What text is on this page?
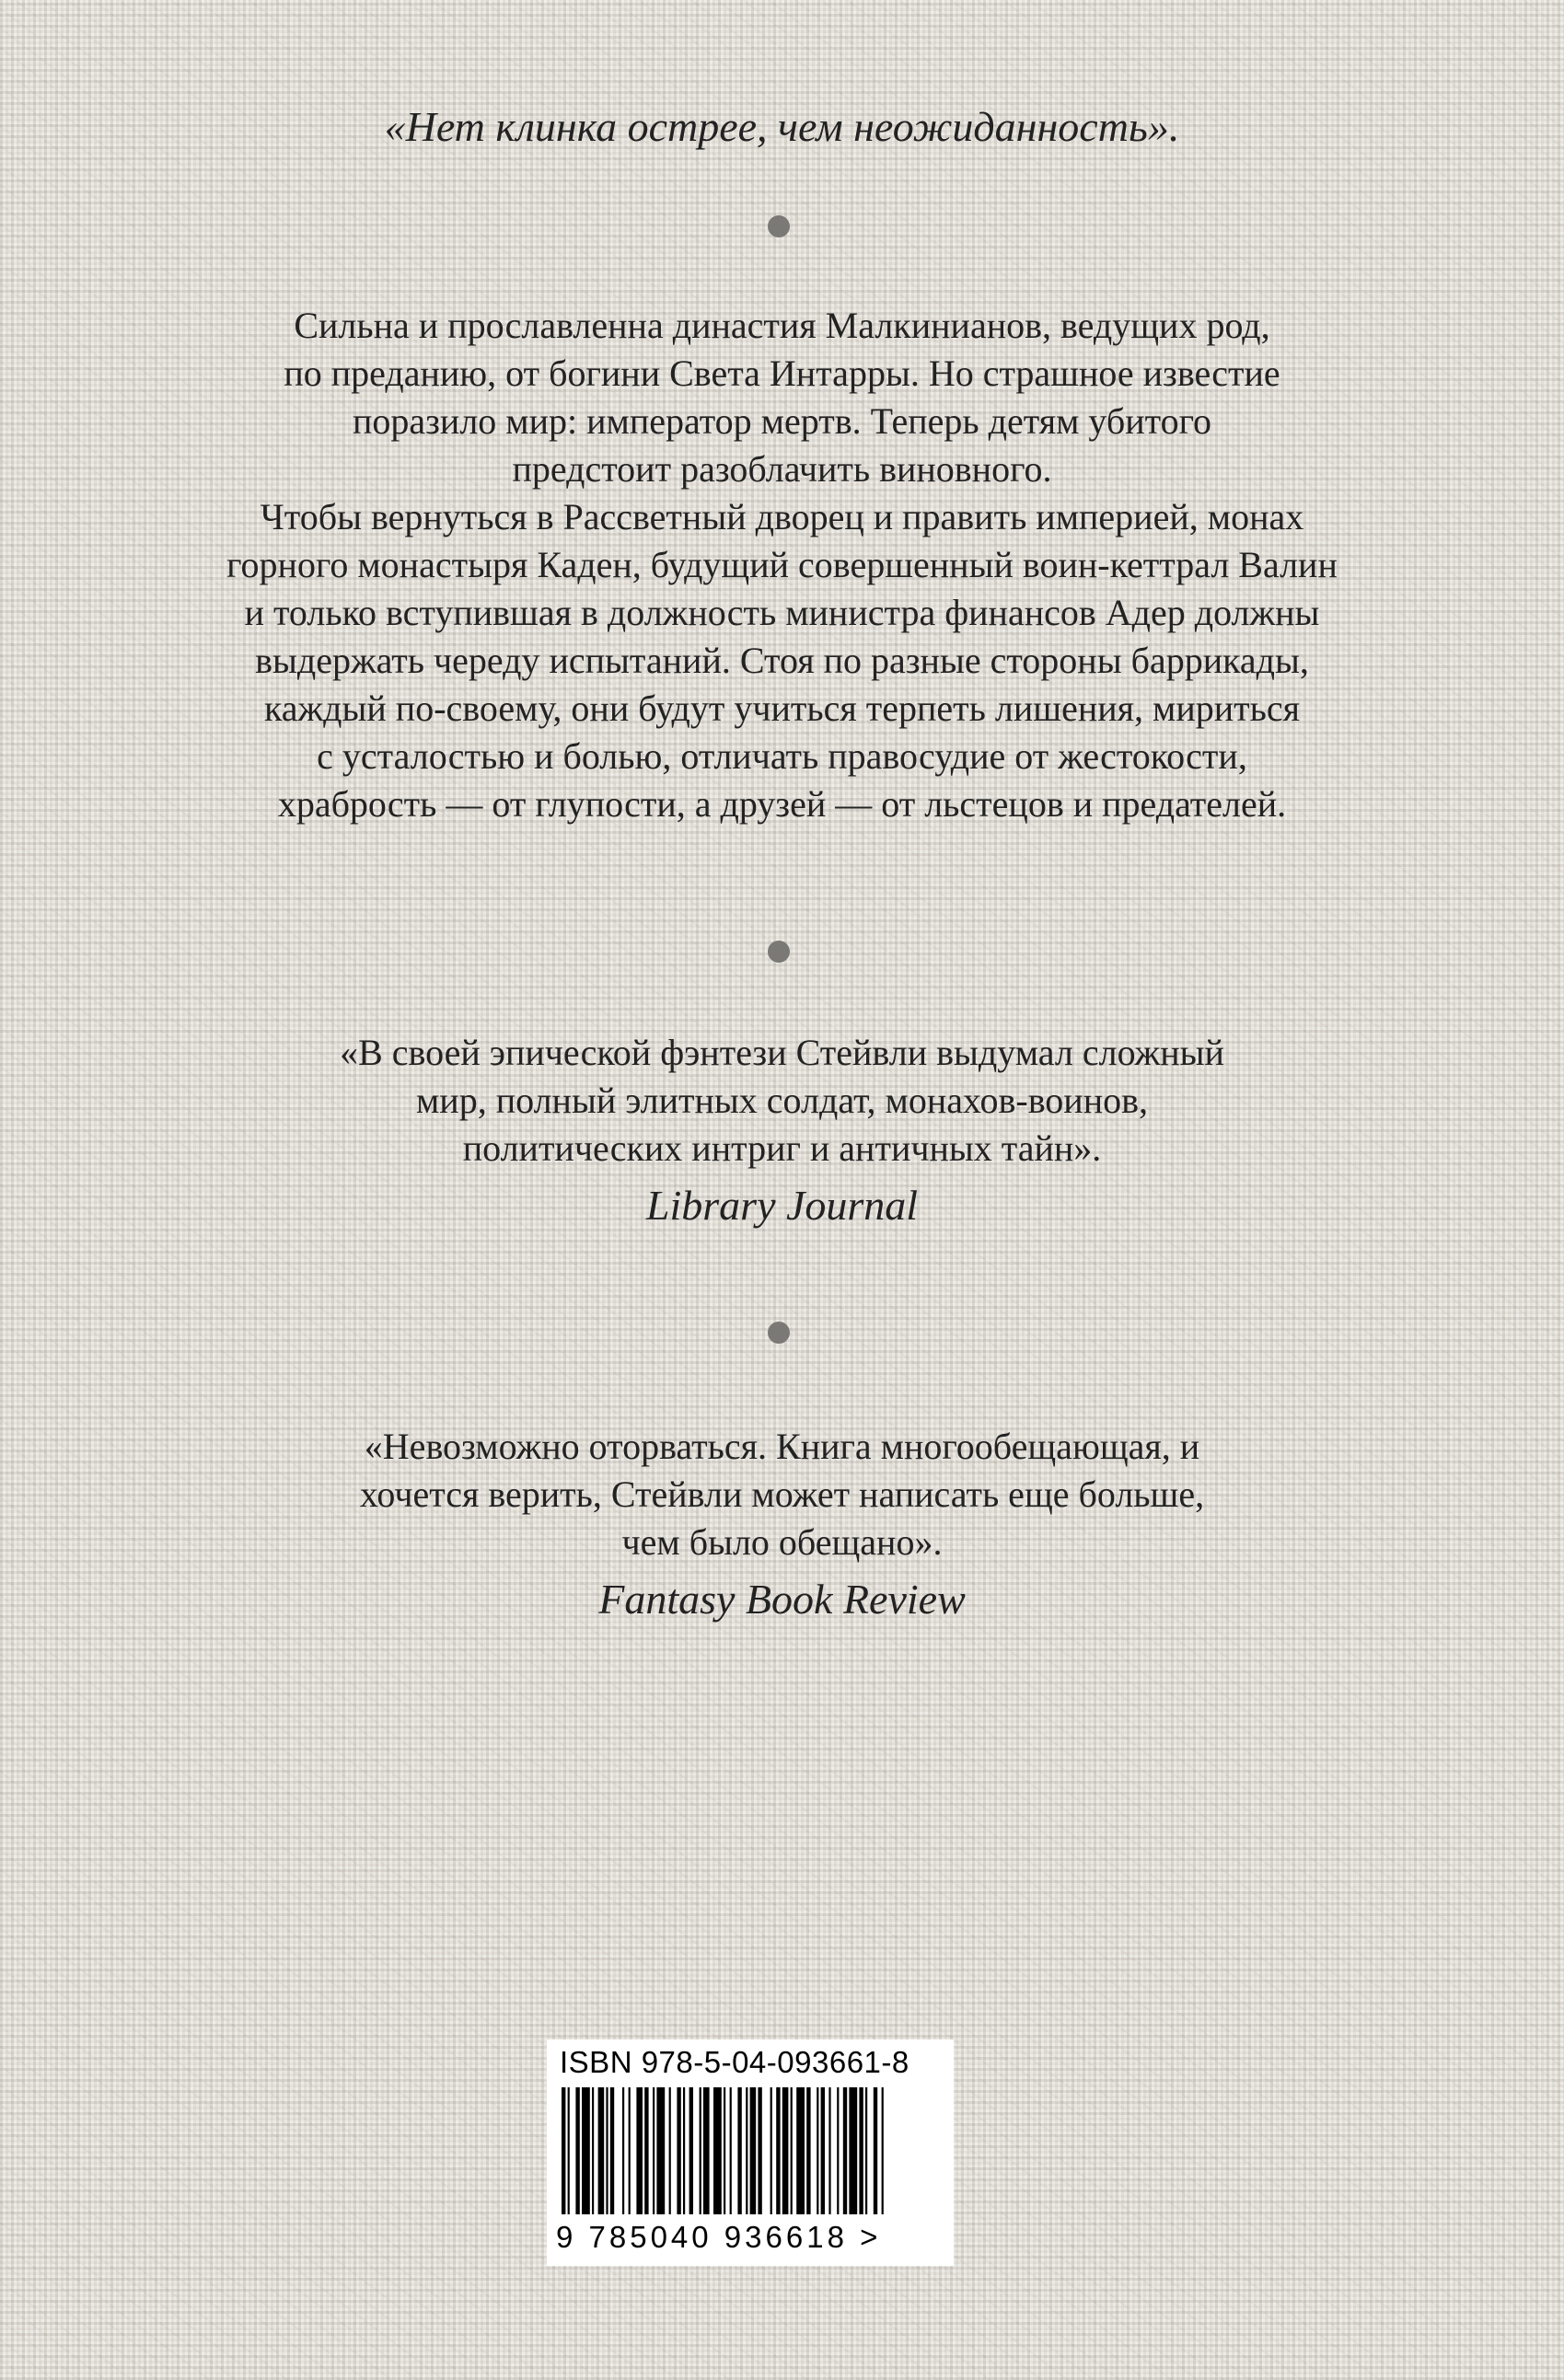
«Нет клинка острее, чем неожиданность».
Сильна и прославленна династия Малкинианов, ведущих род,
по преданию, от богини Света Интарры. Но страшное известие
поразило мир: император мертв. Теперь детям убитого
предстоит разоблачить виновного.
Чтобы вернуться в Рассветный дворец и править империей, монах
горного монастыря Каден, будущий совершенный воин-кеттрал Валин
и только вступившая в должность министра финансов Адер должны
выдержать череду испытаний. Стоя по разные стороны баррикады,
каждый по-своему, они будут учиться терпеть лишения, мириться
с усталостью и болью, отличать правосудие от жестокости,
храбрость — от глупости, а друзей — от льстецов и предателей.
«В своей эпической фэнтези Стейвли выдумал сложный
мир, полный элитных солдат, монахов-воинов,
политических интриг и античных тайн».
Library Journal
«Невозможно оторваться. Книга многообещающая, и
хочется верить, Стейвли может написать еще больше,
чем было обещано».
Fantasy Book Review
ISBN 978-5-04-093661-8
9 785040 936618 >
